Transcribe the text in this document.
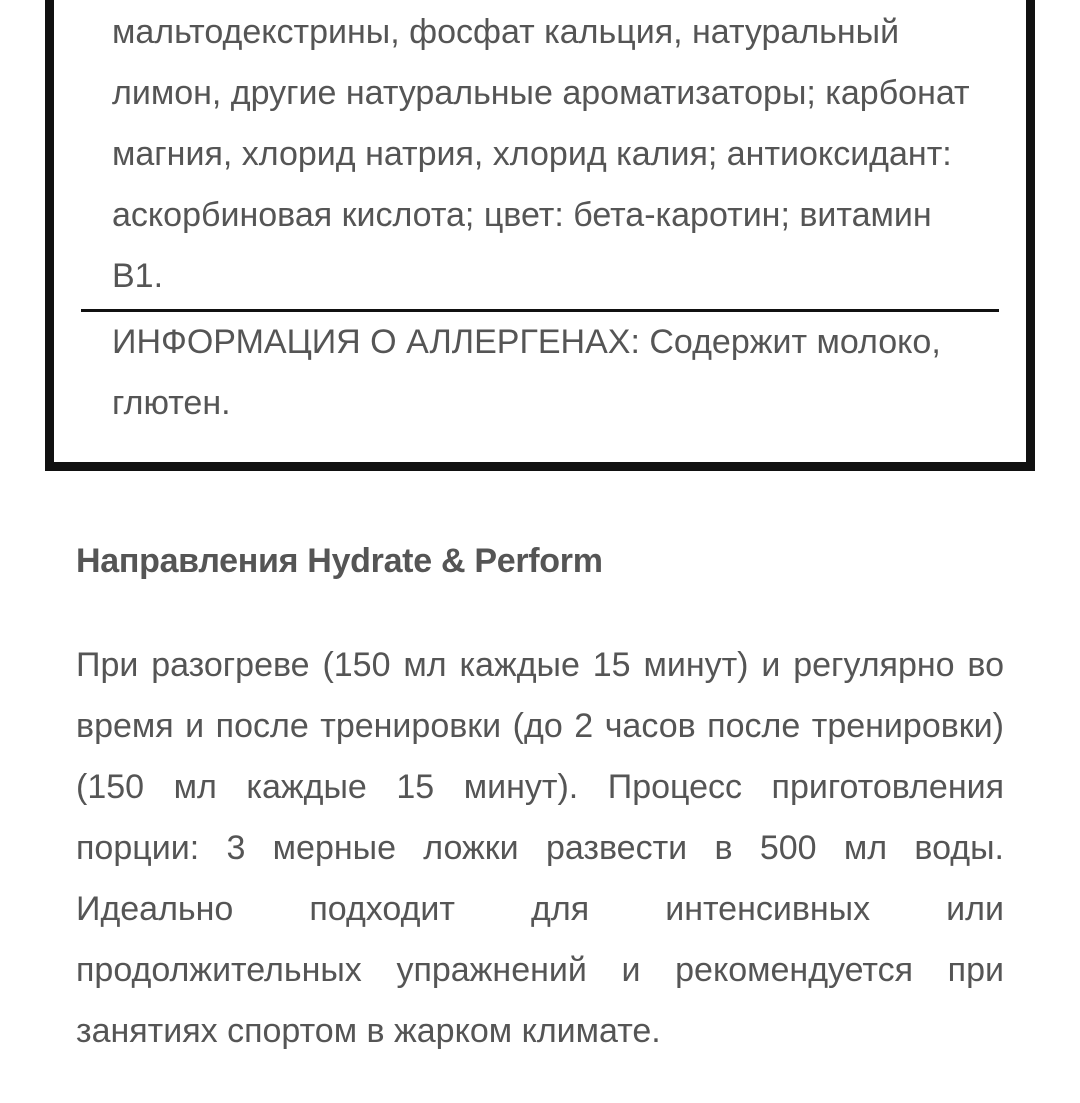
мальтодекстрины, фосфат кальция, натуральный лимон, другие натуральные ароматизаторы; карбонат магния, хлорид натрия, хлорид калия; антиоксидант: аскорбиновая кислота; цвет: бета-каротин; витамин B1.

ИНФОРМАЦИЯ О АЛЛЕРГЕНАХ: Содержит молоко, глютен.

Направления Hydrate & Perform

При разогреве (150 мл каждые 15 минут) и регулярно во время и после тренировки (до 2 часов после тренировки) (150 мл каждые 15 минут). Процесс приготовления порции: 3 мерные ложки развести в 500 мл воды. Идеально подходит для интенсивных или продолжительных упражнений и рекомендуется при занятиях спортом в жарком климате.
